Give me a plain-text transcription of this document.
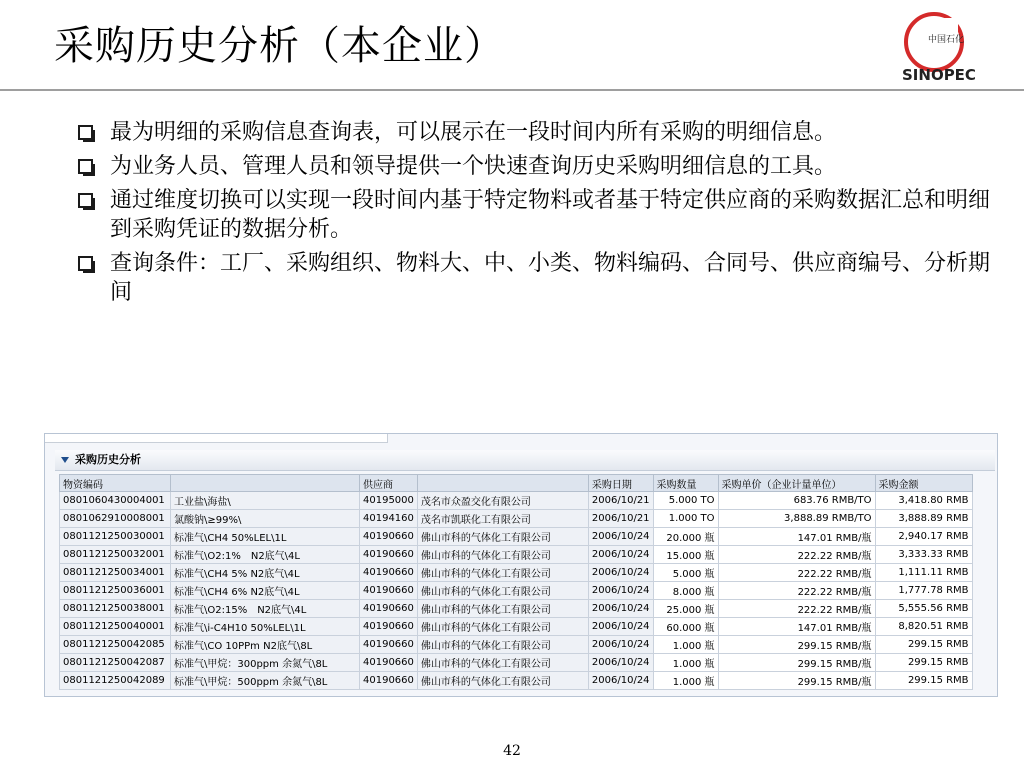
采购历史分析（本企业）	中国石化
SINOPEC
最为明细的采购信息查询表，可以展示在一段时间内所有采购的明细信息。
为业务人员、管理人员和领导提供一个快速查询历史采购明细信息的工具。
通过维度切换可以实现一段时间内基于特定物料或者基于特定供应商的采购数据汇总和明细到采购凭证的数据分析。
查询条件：工厂、采购组织、物料大、中、小类、物料编码、合同号、供应商编号、分析期间
采购历史分析
物资编码		供应商		采购日期	采购数量	采购单价（企业计量单位）	采购金额
080106043000400​1	工业盐\海盐\	40195000	茂名市众盈交化有限公司	2006/10/21	5.000 TO	683.76 RMB/TO	3,418.80 RMB
080106291000800​1	氯酸钠\≥99%\	40194160	茂名市凯联化工有限公司	2006/10/21	1.000 TO	3,888.89 RMB/TO	3,888.89 RMB
080112125003000​1	标准气\CH4 50%LEL\1L	40190660	佛山市科的气体化工有限公司	2006/10/24	20.000 瓶	147.01 RMB/瓶	2,940.17 RMB
080112125003200​1	标准气\O2:1%　N2底气\4L	40190660	佛山市科的气体化工有限公司	2006/10/24	15.000 瓶	222.22 RMB/瓶	3,333.33 RMB
080112125003400​1	标准气\CH4 5% N2底气\4L	40190660	佛山市科的气体化工有限公司	2006/10/24	5.000 瓶	222.22 RMB/瓶	1,111.11 RMB
080112125003600​1	标准气\CH4 6% N2底气\4L	40190660	佛山市科的气体化工有限公司	2006/10/24	8.000 瓶	222.22 RMB/瓶	1,777.78 RMB
080112125003800​1	标准气\O2:15%　N2底气\4L	40190660	佛山市科的气体化工有限公司	2006/10/24	25.000 瓶	222.22 RMB/瓶	5,555.56 RMB
080112125004000​1	标准气\i-C4H10 50%LEL\1L	40190660	佛山市科的气体化工有限公司	2006/10/24	60.000 瓶	147.01 RMB/瓶	8,820.51 RMB
080112125004208​5	标准气\CO 10PPm N2底气\8L	40190660	佛山市科的气体化工有限公司	2006/10/24	1.000 瓶	299.15 RMB/瓶	299.15 RMB
080112125004208​7	标准气\甲烷：300ppm 余氮气\8L	40190660	佛山市科的气体化工有限公司	2006/10/24	1.000 瓶	299.15 RMB/瓶	299.15 RMB
080112125004208​9	标准气\甲烷：500ppm 余氮气\8L	40190660	佛山市科的气体化工有限公司	2006/10/24	1.000 瓶	299.15 RMB/瓶	299.15 RMB
42
